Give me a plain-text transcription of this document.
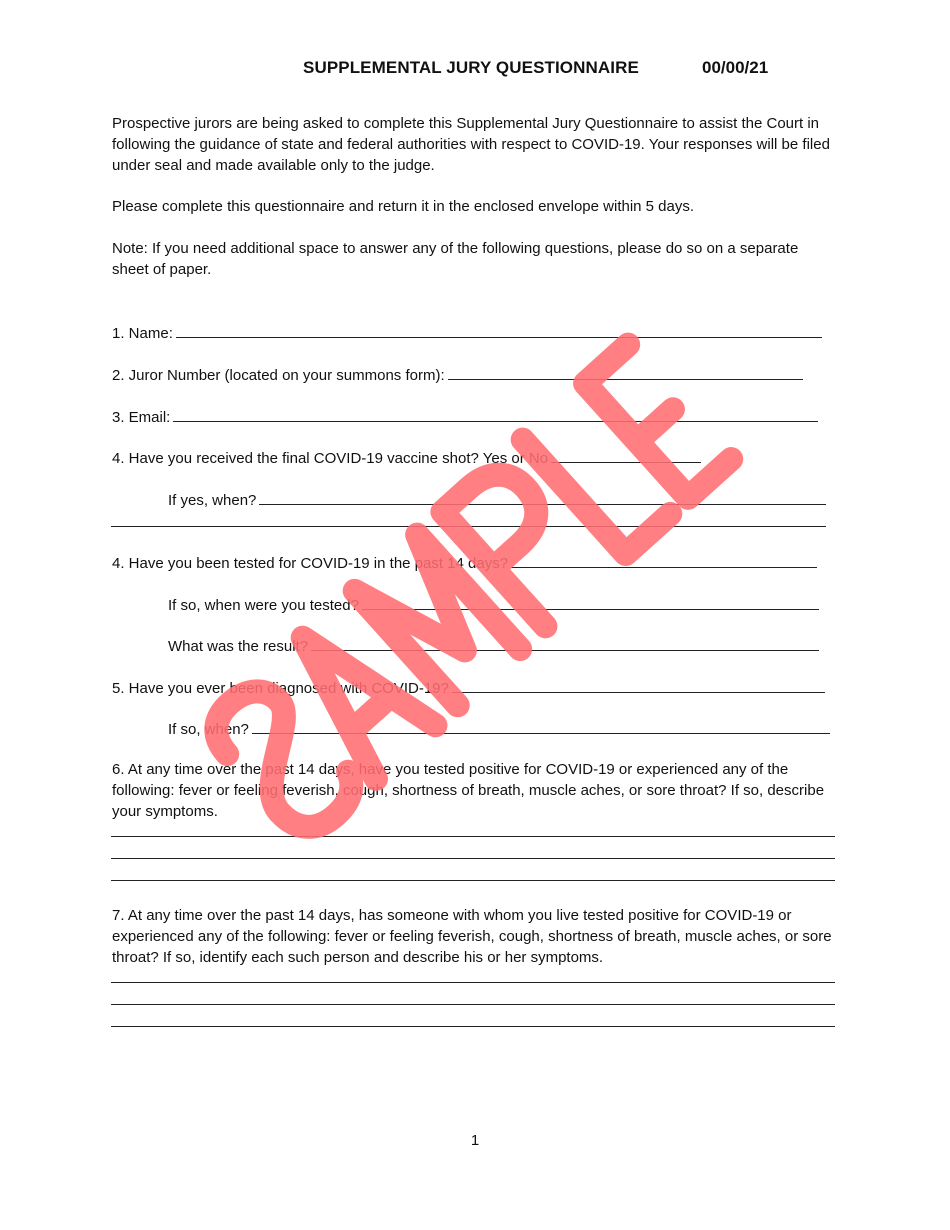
SUPPLEMENTAL JURY QUESTIONNAIRE	00/00/21
Prospective jurors are being asked to complete this Supplemental Jury Questionnaire to assist the Court in following the guidance of state and federal authorities with respect to COVID-19. Your responses will be filed under seal and made available only to the judge.
Please complete this questionnaire and return it in the enclosed envelope within 5 days.
Note: If you need additional space to answer any of the following questions, please do so on a separate sheet of paper.
1. Name:
2. Juror Number (located on your summons form):
3. Email:
4. Have you received the final COVID-19 vaccine shot? Yes or No
If yes, when?
4. Have you been tested for COVID-19 in the past 14 days?
If so, when were you tested?
What was the result?
5. Have you ever been diagnosed with COVID-19?
If so, when?
6. At any time over the past 14 days, have you tested positive for COVID-19 or experienced any of the following: fever or feeling feverish, cough, shortness of breath, muscle aches, or sore throat? If so, describe your symptoms.
7. At any time over the past 14 days, has someone with whom you live tested positive for COVID-19 or experienced any of the following: fever or feeling feverish, cough, shortness of breath, muscle aches, or sore throat? If so, identify each such person and describe his or her symptoms.
1
